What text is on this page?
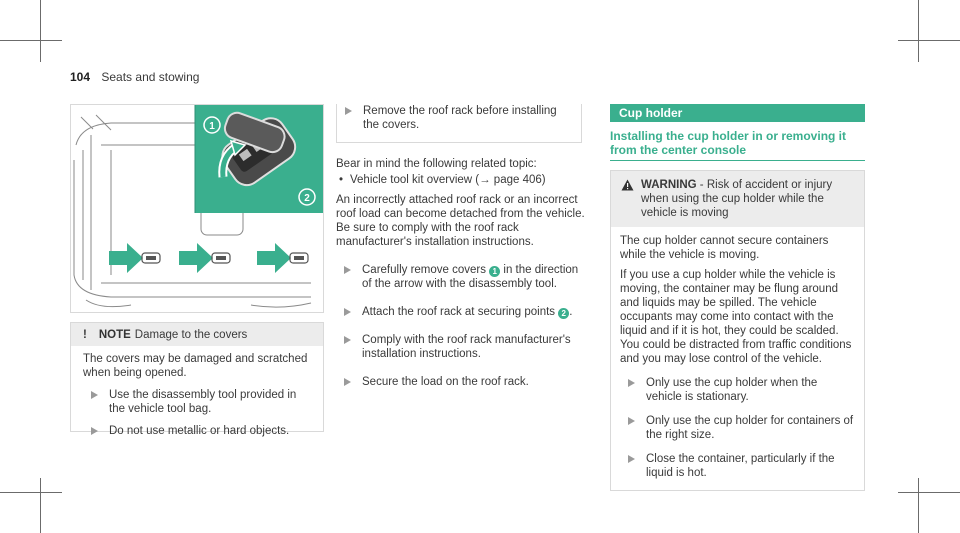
104 Seats and stowing
1
2
! NOTE Damage to the covers
The covers may be damaged and scratched when being opened.
Use the disassembly tool provided in the vehicle tool bag.
Do not use metallic or hard objects.
Remove the roof rack before installing the covers.
Bear in mind the following related topic:
• Vehicle tool kit overview (→ page 406)
An incorrectly attached roof rack or an incorrect roof load can become detached from the vehicle. Be sure to comply with the roof rack manufacturer's installation instructions.
Carefully remove covers 1 in the direction of the arrow with the disassembly tool.
Attach the roof rack at securing points 2 .
Comply with the roof rack manufacturer's installation instructions.
Secure the load on the roof rack.
Cup holder
Installing the cup holder in or removing it from the center console
WARNING - Risk of accident or injury when using the cup holder while the vehicle is moving
The cup holder cannot secure containers while the vehicle is moving.
If you use a cup holder while the vehicle is moving, the container may be flung around and liquids may be spilled. The vehicle occupants may come into contact with the liquid and if it is hot, they could be scalded. You could be distracted from traffic conditions and you may lose control of the vehicle.
Only use the cup holder when the vehicle is stationary.
Only use the cup holder for containers of the right size.
Close the container, particularly if the liquid is hot.
